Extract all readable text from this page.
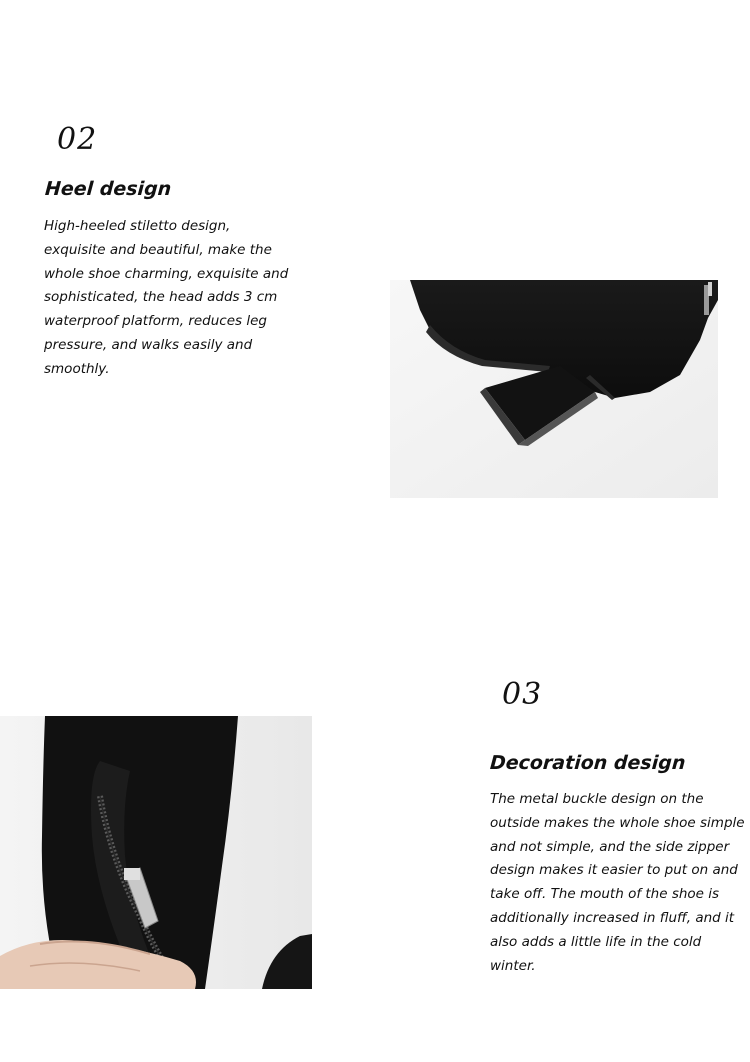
02
Heel design
High-heeled stiletto design, exquisite and beautiful, make the whole shoe charming, exquisite and sophisticated, the head adds 3 cm waterproof platform, reduces leg pressure, and walks easily and smoothly.
03
Decoration design
The metal buckle design on the outside makes the whole shoe simple and not simple, and the side zipper design makes it easier to put on and take off. The mouth of the shoe is additionally increased in fluff, and it also adds a little life in the cold winter.
